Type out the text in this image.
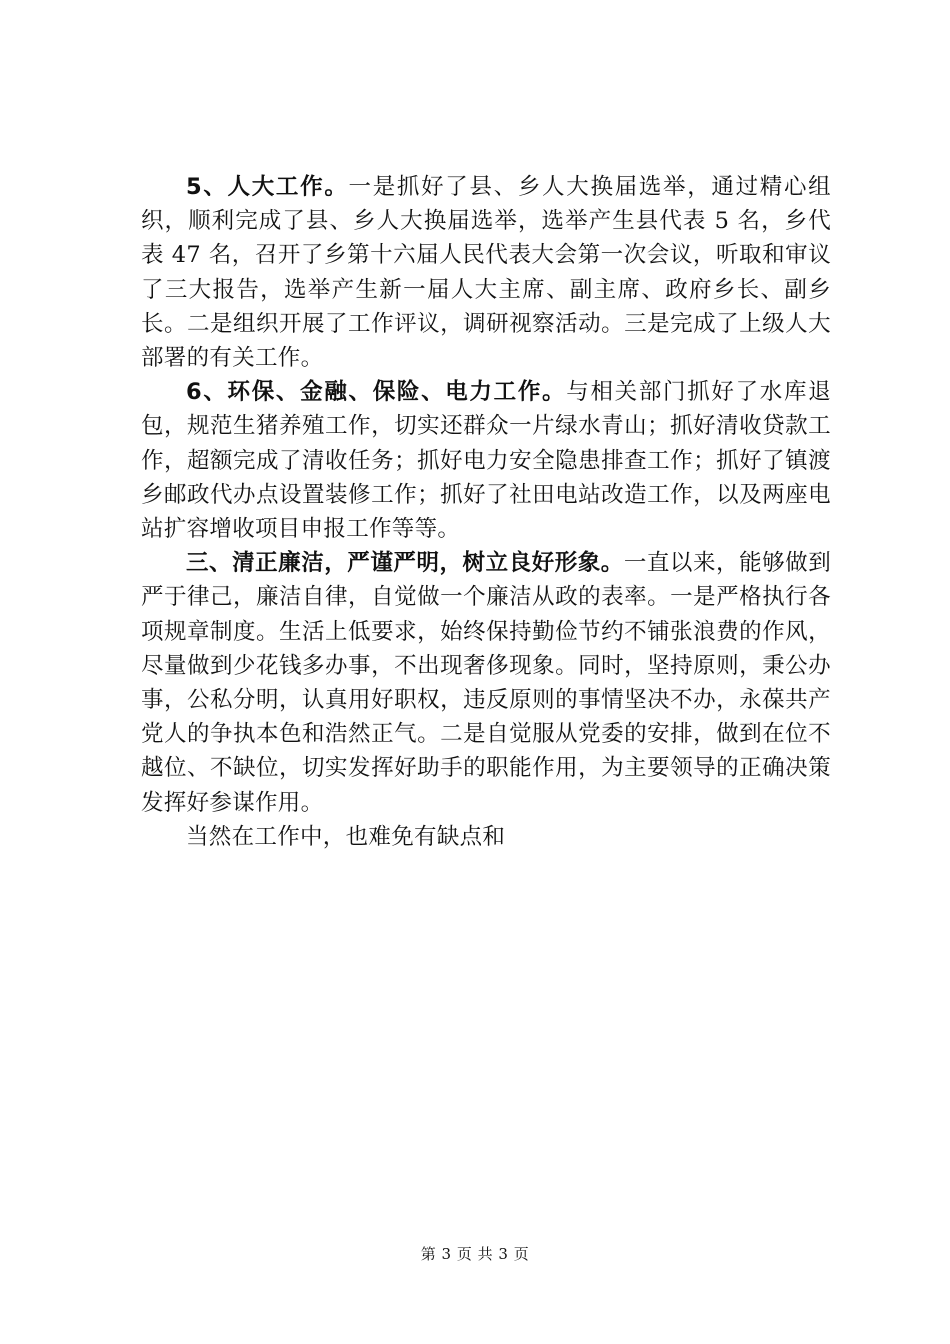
5、人大工作。一是抓好了县、乡人大换届选举，通过精心组织，顺利完成了县、乡人大换届选举，选举产生县代表 5 名，乡代表 47 名，召开了乡第十六届人民代表大会第一次会议，听取和审议了三大报告，选举产生新一届人大主席、副主席、政府乡长、副乡长。二是组织开展了工作评议，调研视察活动。三是完成了上级人大部署的有关工作。

6、环保、金融、保险、电力工作。与相关部门抓好了水库退包，规范生猪养殖工作，切实还群众一片绿水青山；抓好清收贷款工作，超额完成了清收任务；抓好电力安全隐患排查工作；抓好了镇渡乡邮政代办点设置装修工作；抓好了社田电站改造工作，以及两座电站扩容增收项目申报工作等等。

三、清正廉洁，严谨严明，树立良好形象。一直以来，能够做到严于律己，廉洁自律，自觉做一个廉洁从政的表率。一是严格执行各项规章制度。生活上低要求，始终保持勤俭节约不铺张浪费的作风，尽量做到少花钱多办事，不出现奢侈现象。同时，坚持原则，秉公办事，公私分明，认真用好职权，违反原则的事情坚决不办，永葆共产党人的争执本色和浩然正气。二是自觉服从党委的安排，做到在位不越位、不缺位，切实发挥好助手的职能作用，为主要领导的正确决策发挥好参谋作用。

当然在工作中，也难免有缺点和

第 3 页 共 3 页
